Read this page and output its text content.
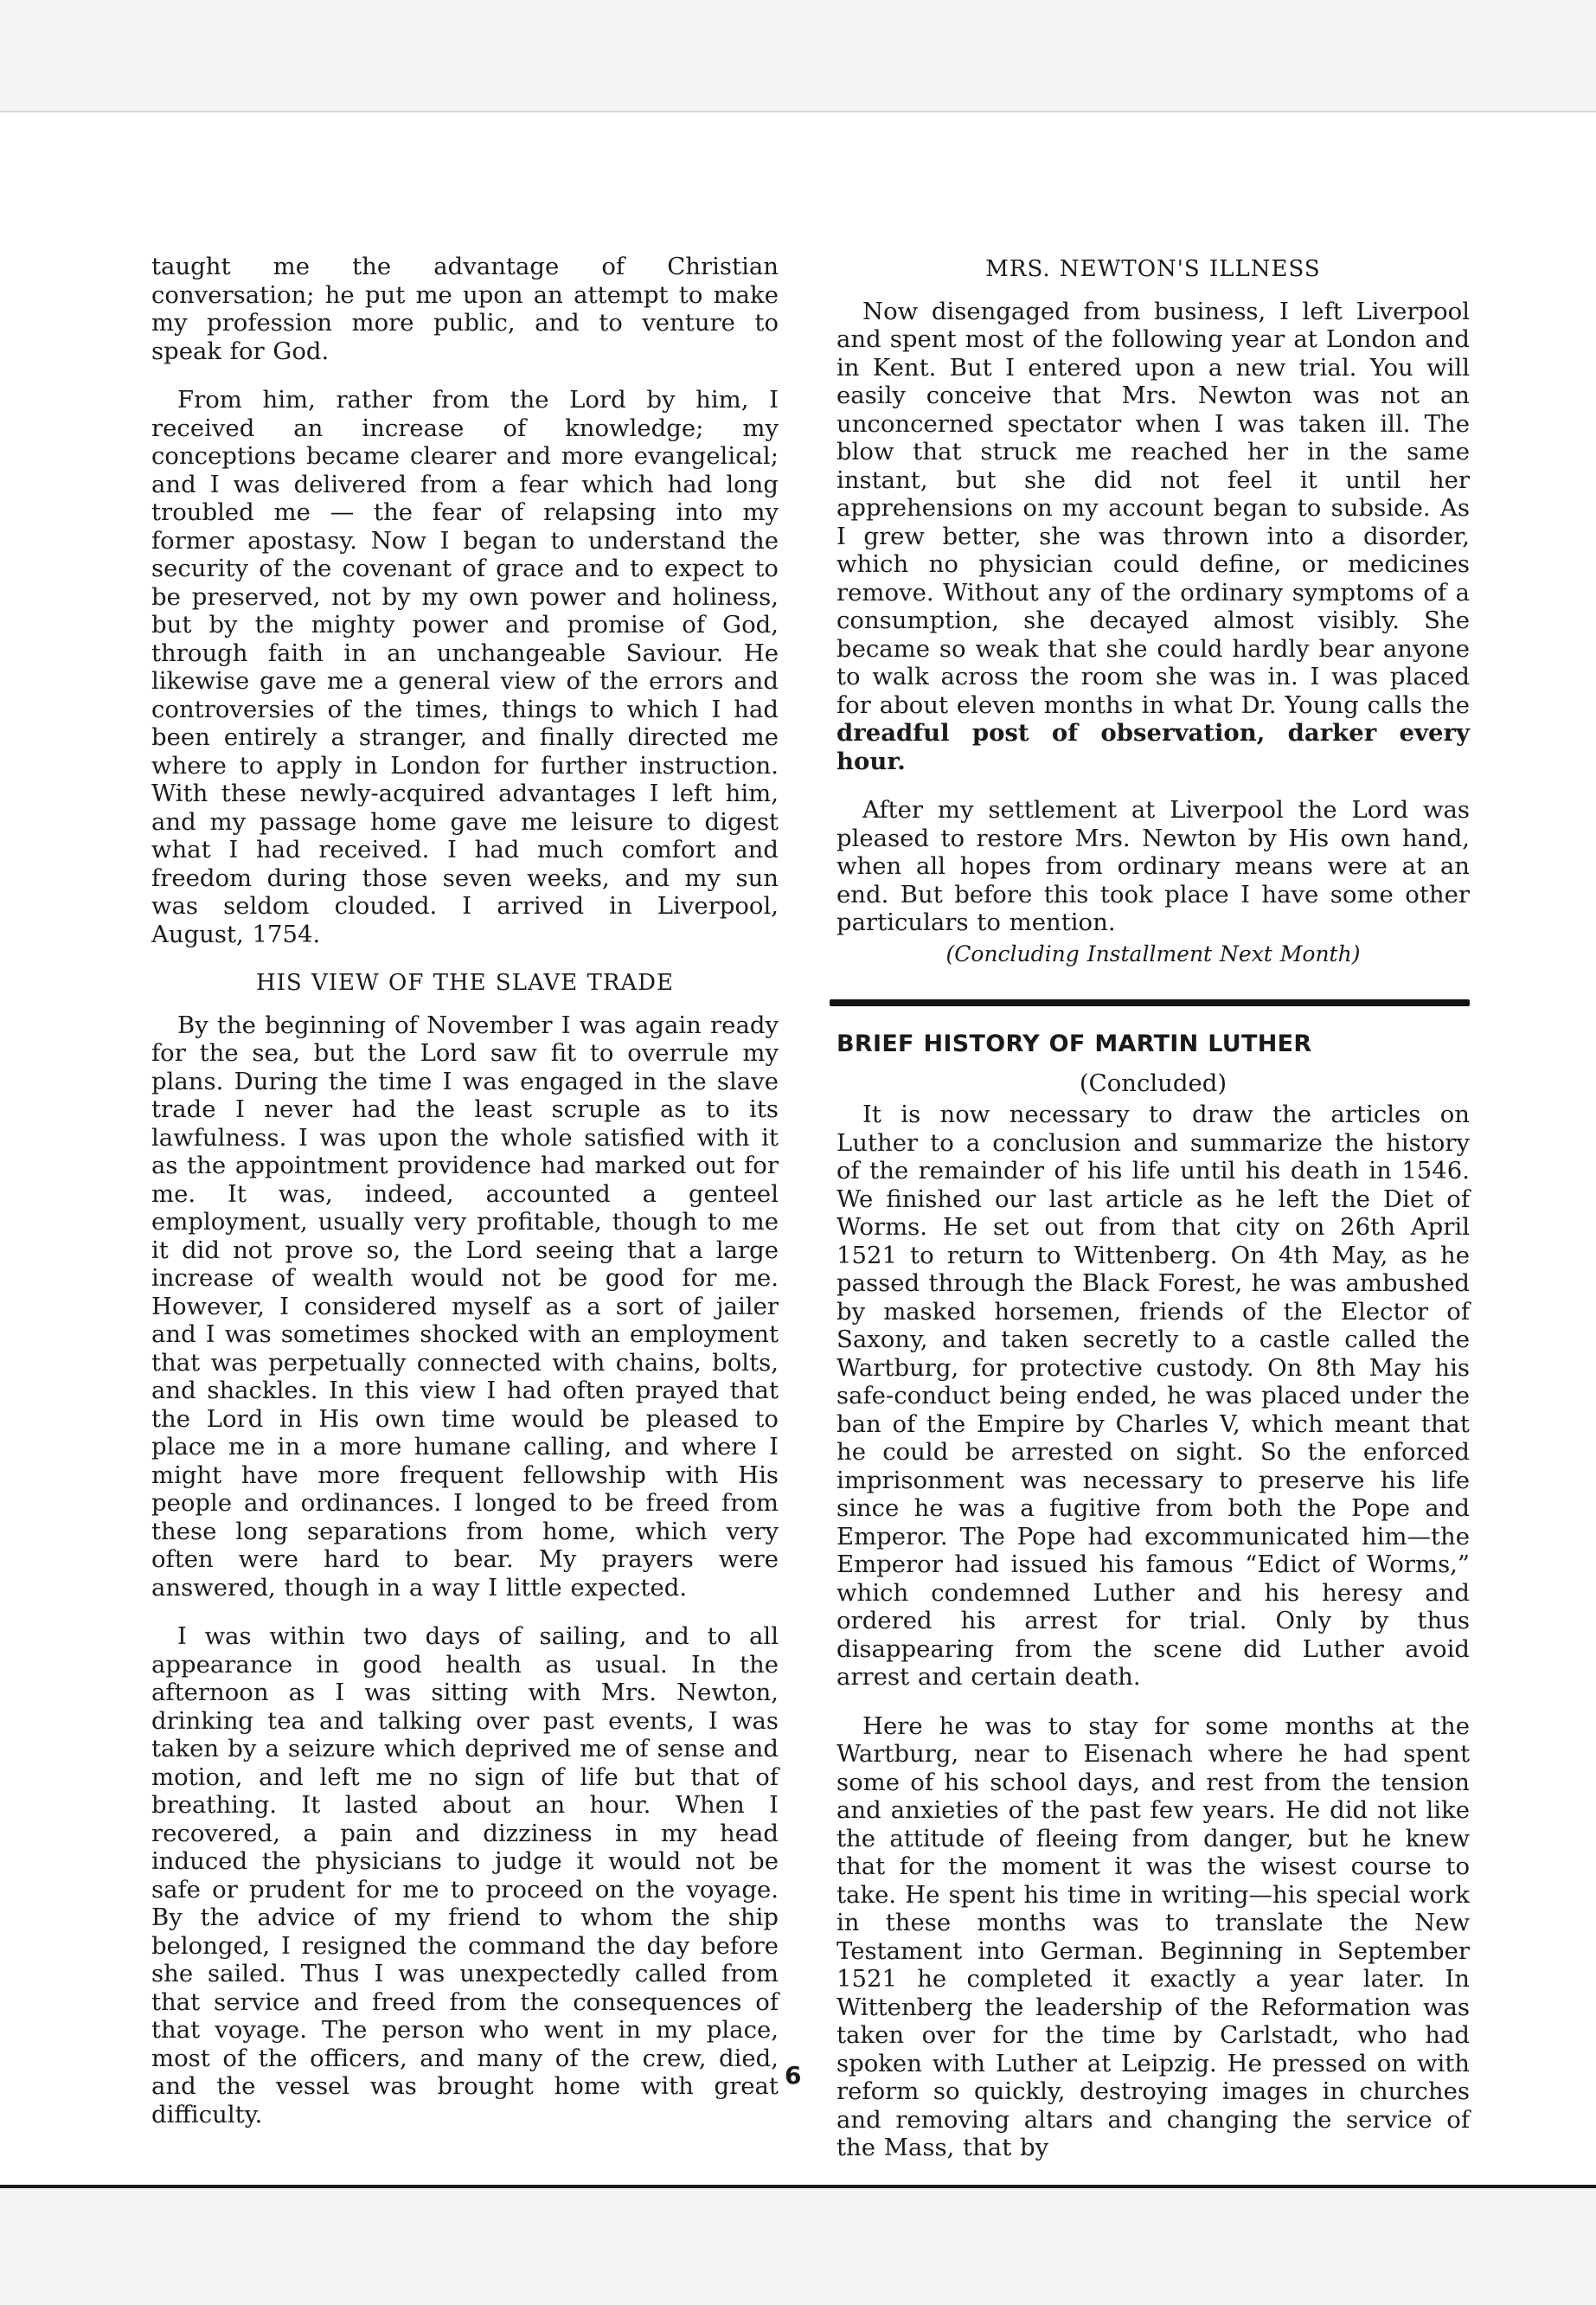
taught me the advantage of Christian conversation; he put me upon an attempt to make my profession more public, and to venture to speak for God.

From him, rather from the Lord by him, I received an increase of knowledge; my conceptions became clearer and more evangelical; and I was delivered from a fear which had long troubled me — the fear of relapsing into my former apostasy. Now I began to understand the security of the covenant of grace and to expect to be preserved, not by my own power and holiness, but by the mighty power and promise of God, through faith in an unchangeable Saviour. He likewise gave me a general view of the errors and controversies of the times, things to which I had been entirely a stranger, and finally directed me where to apply in London for further instruction. With these newly-acquired advantages I left him, and my passage home gave me leisure to digest what I had received. I had much comfort and freedom during those seven weeks, and my sun was seldom clouded. I arrived in Liverpool, August, 1754.

HIS VIEW OF THE SLAVE TRADE

By the beginning of November I was again ready for the sea, but the Lord saw fit to overrule my plans. During the time I was engaged in the slave trade I never had the least scruple as to its lawfulness. I was upon the whole satisfied with it as the appointment providence had marked out for me. It was, indeed, accounted a genteel employment, usually very profitable, though to me it did not prove so, the Lord seeing that a large increase of wealth would not be good for me. However, I considered myself as a sort of jailer and I was sometimes shocked with an employment that was perpetually connected with chains, bolts, and shackles. In this view I had often prayed that the Lord in His own time would be pleased to place me in a more humane calling, and where I might have more frequent fellowship with His people and ordinances. I longed to be freed from these long separations from home, which very often were hard to bear. My prayers were answered, though in a way I little expected.

I was within two days of sailing, and to all appearance in good health as usual. In the afternoon as I was sitting with Mrs. Newton, drinking tea and talking over past events, I was taken by a seizure which deprived me of sense and motion, and left me no sign of life but that of breathing. It lasted about an hour. When I recovered, a pain and dizziness in my head induced the physicians to judge it would not be safe or prudent for me to proceed on the voyage. By the advice of my friend to whom the ship belonged, I resigned the command the day before she sailed. Thus I was unexpectedly called from that service and freed from the consequences of that voyage. The person who went in my place, most of the officers, and many of the crew, died, and the vessel was brought home with great difficulty.

MRS. NEWTON'S ILLNESS

Now disengaged from business, I left Liverpool and spent most of the following year at London and in Kent. But I entered upon a new trial. You will easily conceive that Mrs. Newton was not an unconcerned spectator when I was taken ill. The blow that struck me reached her in the same instant, but she did not feel it until her apprehensions on my account began to subside. As I grew better, she was thrown into a disorder, which no physician could define, or medicines remove. Without any of the ordinary symptoms of a consumption, she decayed almost visibly. She became so weak that she could hardly bear anyone to walk across the room she was in. I was placed for about eleven months in what Dr. Young calls the dreadful post of observation, darker every hour.

After my settlement at Liverpool the Lord was pleased to restore Mrs. Newton by His own hand, when all hopes from ordinary means were at an end. But before this took place I have some other particulars to mention.

(Concluding Installment Next Month)
BRIEF HISTORY OF MARTIN LUTHER
(Concluded)

It is now necessary to draw the articles on Luther to a conclusion and summarize the history of the remainder of his life until his death in 1546. We finished our last article as he left the Diet of Worms. He set out from that city on 26th April 1521 to return to Wittenberg. On 4th May, as he passed through the Black Forest, he was ambushed by masked horsemen, friends of the Elector of Saxony, and taken secretly to a castle called the Wartburg, for protective custody. On 8th May his safe-conduct being ended, he was placed under the ban of the Empire by Charles V, which meant that he could be arrested on sight. So the enforced imprisonment was necessary to preserve his life since he was a fugitive from both the Pope and Emperor. The Pope had excommunicated him—the Emperor had issued his famous “Edict of Worms,” which condemned Luther and his heresy and ordered his arrest for trial. Only by thus disappearing from the scene did Luther avoid arrest and certain death.

Here he was to stay for some months at the Wartburg, near to Eisenach where he had spent some of his school days, and rest from the tension and anxieties of the past few years. He did not like the attitude of fleeing from danger, but he knew that for the moment it was the wisest course to take. He spent his time in writing—his special work in these months was to translate the New Testament into German. Beginning in September 1521 he completed it exactly a year later. In Wittenberg the leadership of the Reformation was taken over for the time by Carlstadt, who had spoken with Luther at Leipzig. He pressed on with reform so quickly, destroying images in churches and removing altars and changing the service of the Mass, that by

6
